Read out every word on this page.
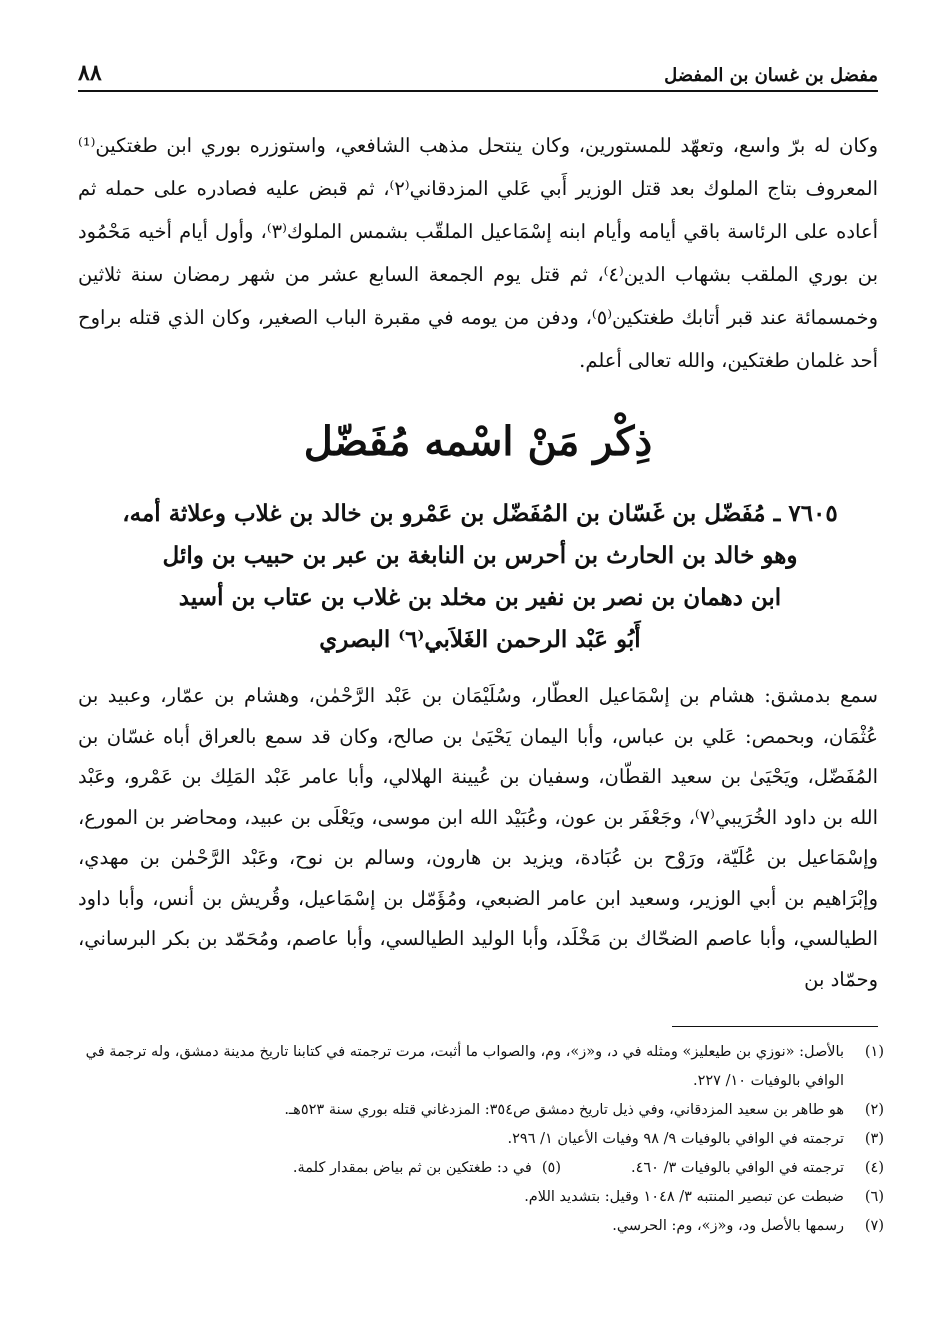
٨٨	مفضل بن غسان بن المفضل

وكان له برّ واسع، وتعهّد للمستورين، وكان ينتحل مذهب الشافعي، واستوزره بوري ابن طغتكين⁽¹⁾ المعروف بتاج الملوك بعد قتل الوزير أَبي عَلي المزدقاني⁽٢⁾، ثم قبض عليه فصادره على حمله ثم أعاده على الرئاسة باقي أيامه وأيام ابنه إسْمَاعيل الملقّب بشمس الملوك⁽٣⁾، وأول أيام أخيه مَحْمُود بن بوري الملقب بشهاب الدين⁽٤⁾، ثم قتل يوم الجمعة السابع عشر من شهر رمضان سنة ثلاثين وخمسمائة عند قبر أتابك طغتكين⁽٥⁾، ودفن من يومه في مقبرة الباب الصغير، وكان الذي قتله براوح أحد غلمان طغتكين، والله تعالى أعلم.

ذِكْر مَنْ اسْمه مُفَضّل
٧٦٠٥ ـ مُفَضّل بن غَسّان بن المُفَضّل بن عَمْرو بن خالد بن غلاب وعلاثة أمه،
وهو خالد بن الحارث بن أحرس بن النابغة بن عبر بن حبيب بن وائل
ابن دهمان بن نصر بن نفير بن مخلد بن غلاب بن عتاب بن أسيد
أَبُو عَبْد الرحمن الغَلاَبي⁽٦⁾ البصري

سمع بدمشق: هشام بن إسْمَاعيل العطّار، وسُلَيْمَان بن عَبْد الرَّحْمٰن، وهشام بن عمّار، وعبيد بن عُثْمَان، وبحمص: عَلي بن عباس، وأبا اليمان يَحْيَىٰ بن صالح، وكان قد سمع بالعراق أباه غسّان بن المُفَضّل، ويَحْيَىٰ بن سعيد القطّان، وسفيان بن عُيينة الهلالي، وأبا عامر عَبْد المَلِك بن عَمْرو، وعَبْد الله بن داود الخُرَيبي⁽٧⁾، وجَعْفَر بن عون، وعُبَيْد الله ابن موسى، ويَعْلَى بن عبيد، ومحاضر بن المورع، وإسْمَاعيل بن عُلَيّة، ورَوْح بن عُبَادة، ويزيد بن هارون، وسالم بن نوح، وعَبْد الرَّحْمٰن بن مهدي، وإبْرَاهيم بن أبي الوزير، وسعيد ابن عامر الضبعي، ومُؤَمّل بن إسْمَاعيل، وقُريش بن أنس، وأبا داود الطيالسي، وأبا عاصم الضحّاك بن مَخْلَد، وأبا الوليد الطيالسي، وأبا عاصم، ومُحَمّد بن بكر البرساني، وحمّاد بن

(١)
بالأصل: «نوزي بن طيعليز» ومثله في د، و«ز»، وم، والصواب ما أثبت، مرت ترجمته في كتابنا تاريخ مدينة دمشق، وله ترجمة في الوافي بالوفيات ١٠/ ٢٢٧.
(٢)
هو طاهر بن سعيد المزدقاني، وفي ذيل تاريخ دمشق ص٣٥٤: المزدغاني قتله بوري سنة ٥٢٣هـ.
(٣)
ترجمته في الوافي بالوفيات ٩/ ٩٨ وفيات الأعيان ١/ ٢٩٦.
(٤)
ترجمته في الوافي بالوفيات ٣/ ٤٦٠.
(٥)
في د: طغتكين بن ثم بياض بمقدار كلمة.
(٦)
ضبطت عن تبصير المنتبه ٣/ ١٠٤٨ وقيل: بتشديد اللام.
(٧)
رسمها بالأصل ود، و«ز»، وم: الحرسي.
